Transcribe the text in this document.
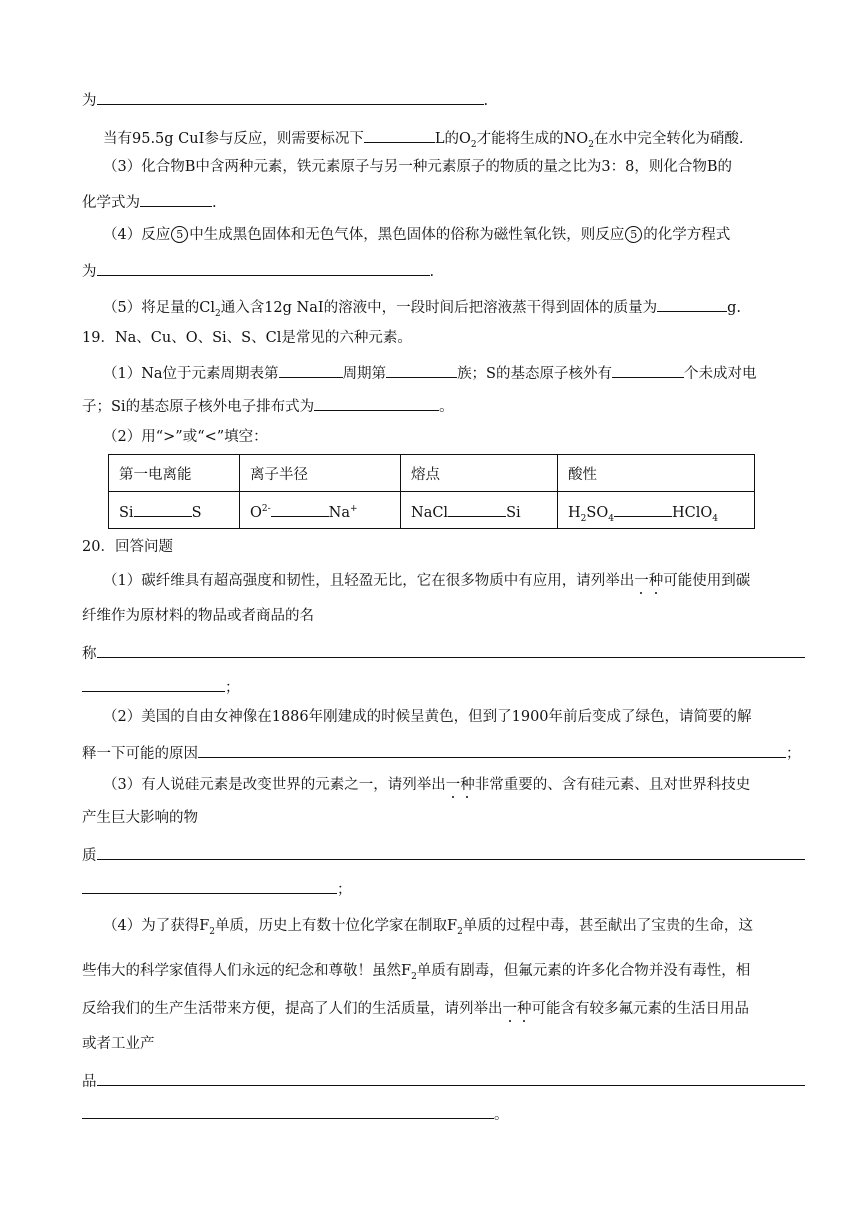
为	.
当有95.5g CuI参与反应，则需要标况下	L的$O_2$才能将生成的$NO_2$在水中完全转化为硝酸.
（3）化合物B中含两种元素，铁元素原子与另一种元素原子的物质的量之比为3：8，则化合物B的
化学式为	.
（4）反应 5 中生成黑色固体和无色气体，黑色固体的俗称为磁性氧化铁，则反应 5 的化学方程式
为	.
（5）将足量的$Cl_2$通入含12g NaI的溶液中，一段时间后把溶液蒸干得到固体的质量为	g.
19．Na、Cu、O、Si、S、Cl是常见的六种元素。
（1）Na位于元素周期表第	周期第	族；S的基态原子核外有	个未成对电
子；Si的基态原子核外电子排布式为	。
（2）用“>”或“<”填空：
第一电离能	离子半径	熔点	酸性
Si S	$O^{2-}$ Na+	NaCl Si	$H_2SO_4$ HClO$_4$
20．回答问题
（1）碳纤维具有超高强度和韧性，且轻盈无比，它在很多物质中有应用，请列举出一种可能使用到碳
纤维作为原材料的物品或者商品的名
称
；
（2）美国的自由女神像在1886年刚建成的时候呈黄色，但到了1900年前后变成了绿色，请简要的解
释一下可能的原因	；
（3）有人说硅元素是改变世界的元素之一，请列举出一种非常重要的、含有硅元素、且对世界科技史
产生巨大影响的物
质
；
（4）为了获得$F_2$单质，历史上有数十位化学家在制取$F_2$单质的过程中毒，甚至献出了宝贵的生命，这
些伟大的科学家值得人们永远的纪念和尊敬！虽然$F_2$单质有剧毒，但氟元素的许多化合物并没有毒性，相
反给我们的生产生活带来方便，提高了人们的生活质量，请列举出一种可能含有较多氟元素的生活日用品
或者工业产
品
。
